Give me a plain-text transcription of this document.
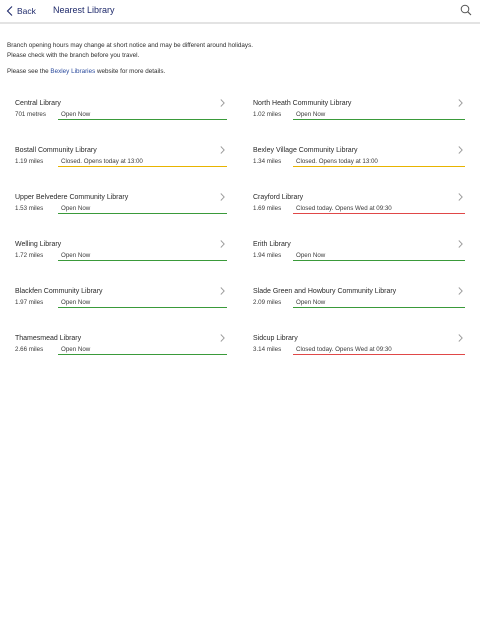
Back Nearest Library

Branch opening hours may change at short notice and may be different around holidays.

Please check with the branch before you travel.

Please see the Bexley Libraries website for more details.

Central Library
701 metres Open Now
North Heath Community Library
1.02 miles Open Now
Bostall Community Library
1.19 miles	Closed. Opens today at 13:00
Bexley Village Community Library
1.34 miles Closed. Opens today at 13:00
Upper Belvedere Community Library
1.53 miles	Open Now
Crayford Library
1.69 miles Closed today. Opens Wed at 09:30
Welling Library
1.72 miles	Open Now
Erith Library
1.94 miles Open Now
Blackfen Community Library
1.97 miles	Open Now
Slade Green and Howbury Community Library
2.09 miles Open Now
Thamesmead Library
2.66 miles	Open Now
Sidcup Library
3.14 miles Closed today. Opens Wed at 09:30
